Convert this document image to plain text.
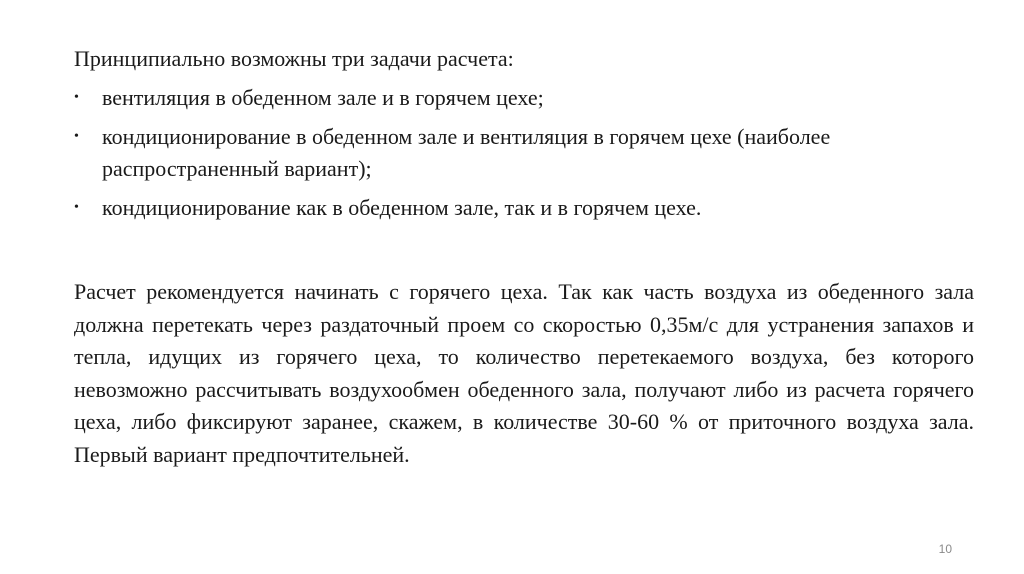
Принципиально возможны три задачи расчета:
• вентиляция в обеденном зале и в горячем цехе;
• кондиционирование в обеденном зале и вентиляция в горячем цехе (наиболее распространенный вариант);
• кондиционирование как в обеденном зале, так и в горячем цехе.

Расчет рекомендуется начинать с горячего цеха. Так как часть воздуха из обеденного зала должна перетекать через раздаточный проем со скоростью 0,35м/с для устранения запахов и тепла, идущих из горячего цеха, то количество перетекаемого воздуха, без которого невозможно рассчитывать воздухообмен обеденного зала, получают либо из расчета горячего цеха, либо фиксируют заранее, скажем, в количестве 30-60 % от приточного воздуха зала. Первый вариант предпочтительней.

10
